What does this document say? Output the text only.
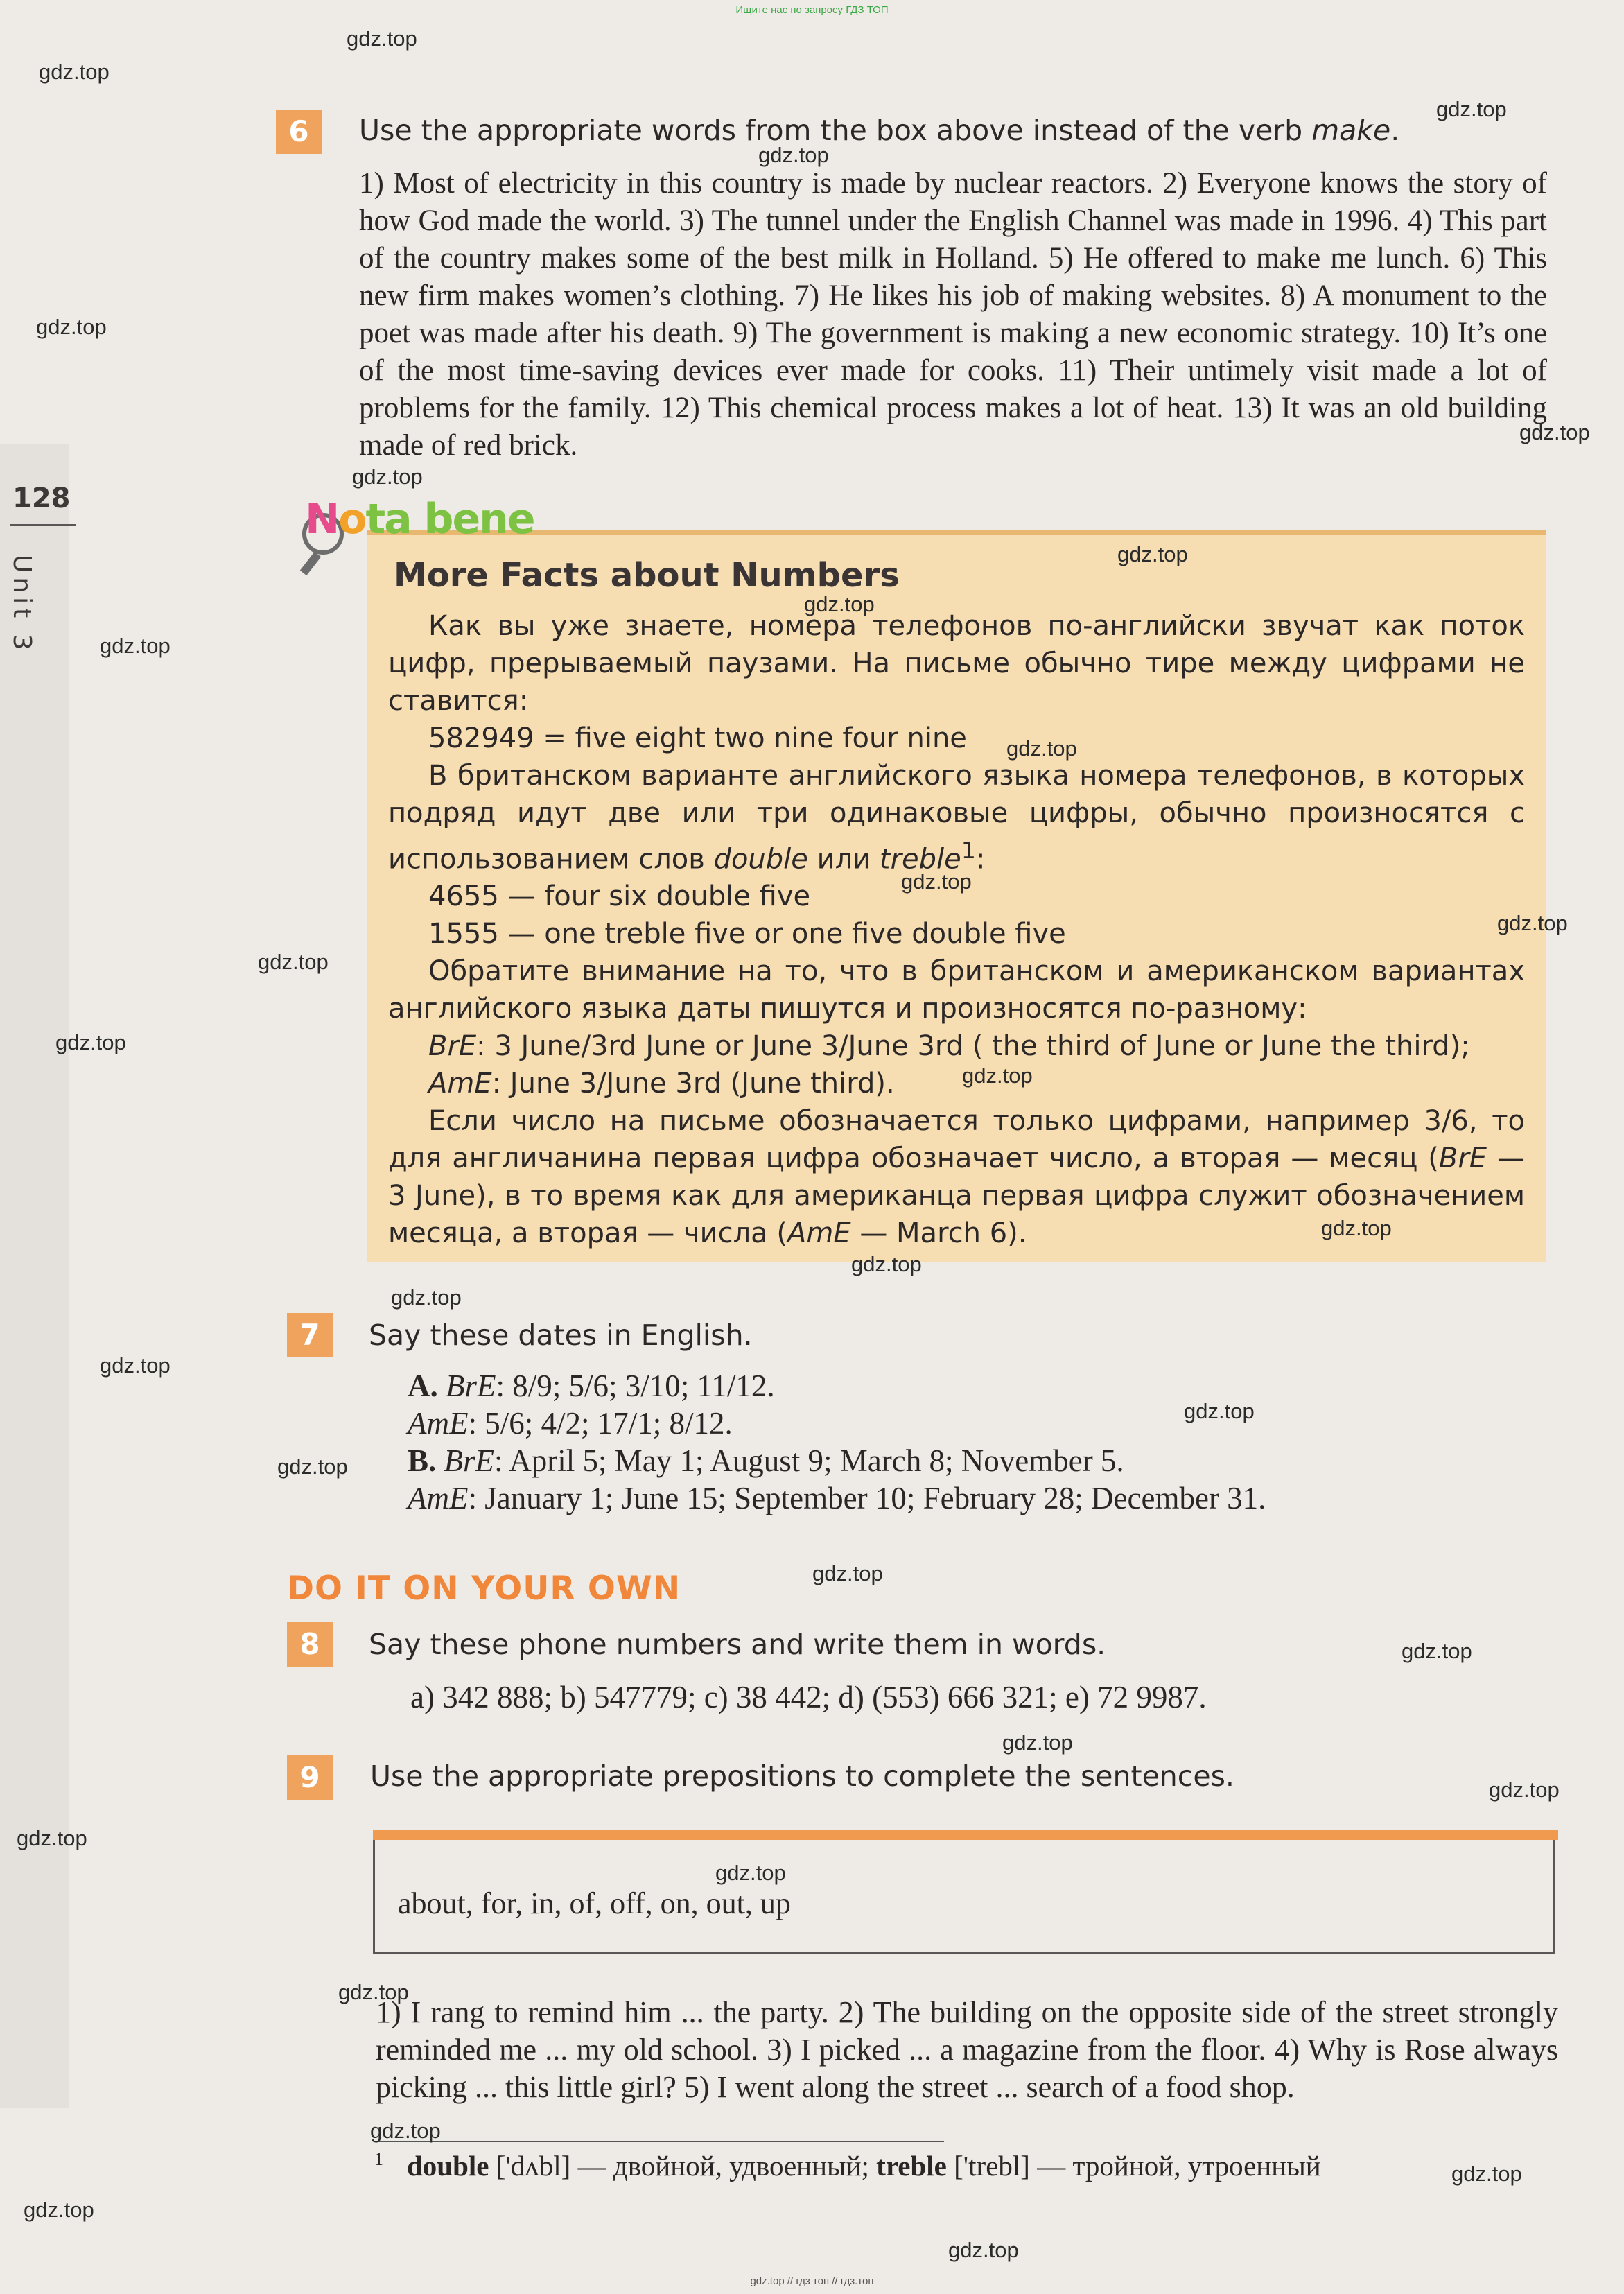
Ищите нас по запросу ГДЗ ТОП
gdz.top // гдз топ // гдз.топ
128
Unit 3
6	Use the appropriate words from the box above instead of the verb make.
1) Most of electricity in this country is made by nuclear reactors. 2) Everyone knows the story of how God made the world. 3) The tunnel under the English Channel was made in 1996. 4) This part of the country makes some of the best milk in Holland. 5) He offered to make me lunch. 6) This new firm makes women’s clothing. 7) He likes his job of making websites. 8) A monument to the poet was made after his death. 9) The government is making a new economic strategy. 10) It’s one of the most time-saving devices ever made for cooks. 11) Their untimely visit made a lot of problems for the family. 12) This chemical process makes a lot of heat. 13) It was an old building made of red brick.
Nota bene
More Facts about Numbers

Как вы уже знаете, номера телефонов по-английски звучат как поток цифр, прерываемый паузами. На письме обычно тире между цифрами не ставится:

582949 = five eight two nine four nine

В британском варианте английского языка номера телефонов, в которых подряд идут две или три одинаковые цифры, обычно произносятся с использованием слов double или treble$^1$:

4655 — four six double five

1555 — one treble five or one five double five

Обратите внимание на то, что в британском и американском вариантах английского языка даты пишутся и произносятся по-разному:

BrE: 3 June/3rd June or June 3/June 3rd ( the third of June or June the third);

AmE: June 3/June 3rd (June third).

Если число на письме обозначается только цифрами, например 3/6, то для англичанина первая цифра обозначает число, а вторая — месяц (BrE — 3 June), в то время как для американца первая цифра служит обозначением месяца, а вторая — числа (AmE — March 6).

7	Say these dates in English.
A. BrE: 8/9; 5/6; 3/10; 11/12.
AmE: 5/6; 4/2; 17/1; 8/12.
B. BrE: April 5; May 1; August 9; March 8; November 5.
AmE: January 1; June 15; September 10; February 28; December 31.
DO IT ON YOUR OWN
8	Say these phone numbers and write them in words.
a) 342 888; b) 547779; c) 38 442; d) (553) 666 321; e) 72 9987.
9	Use the appropriate prepositions to complete the sentences.
about, for, in, of, off, on, out, up

1) I rang to remind him ... the party. 2) The building on the opposite side of the street strongly reminded me ... my old school. 3) I picked ... a magazine from the floor. 4) Why is Rose always picking ... this little girl? 5) I went along the street ... search of a food shop.

$^1$ double ['dʌbl] — двойной, удвоенный; treble ['trebl] — тройной, утроенный
gdz.top
gdz.top
gdz.top
gdz.top
gdz.top
gdz.top
gdz.top
gdz.top
gdz.top
gdz.top
gdz.top
gdz.top
gdz.top
gdz.top
gdz.top
gdz.top
gdz.top
gdz.top
gdz.top
gdz.top
gdz.top
gdz.top
gdz.top
gdz.top
gdz.top
gdz.top
gdz.top
gdz.top
gdz.top
gdz.top
gdz.top
gdz.top
gdz.top
